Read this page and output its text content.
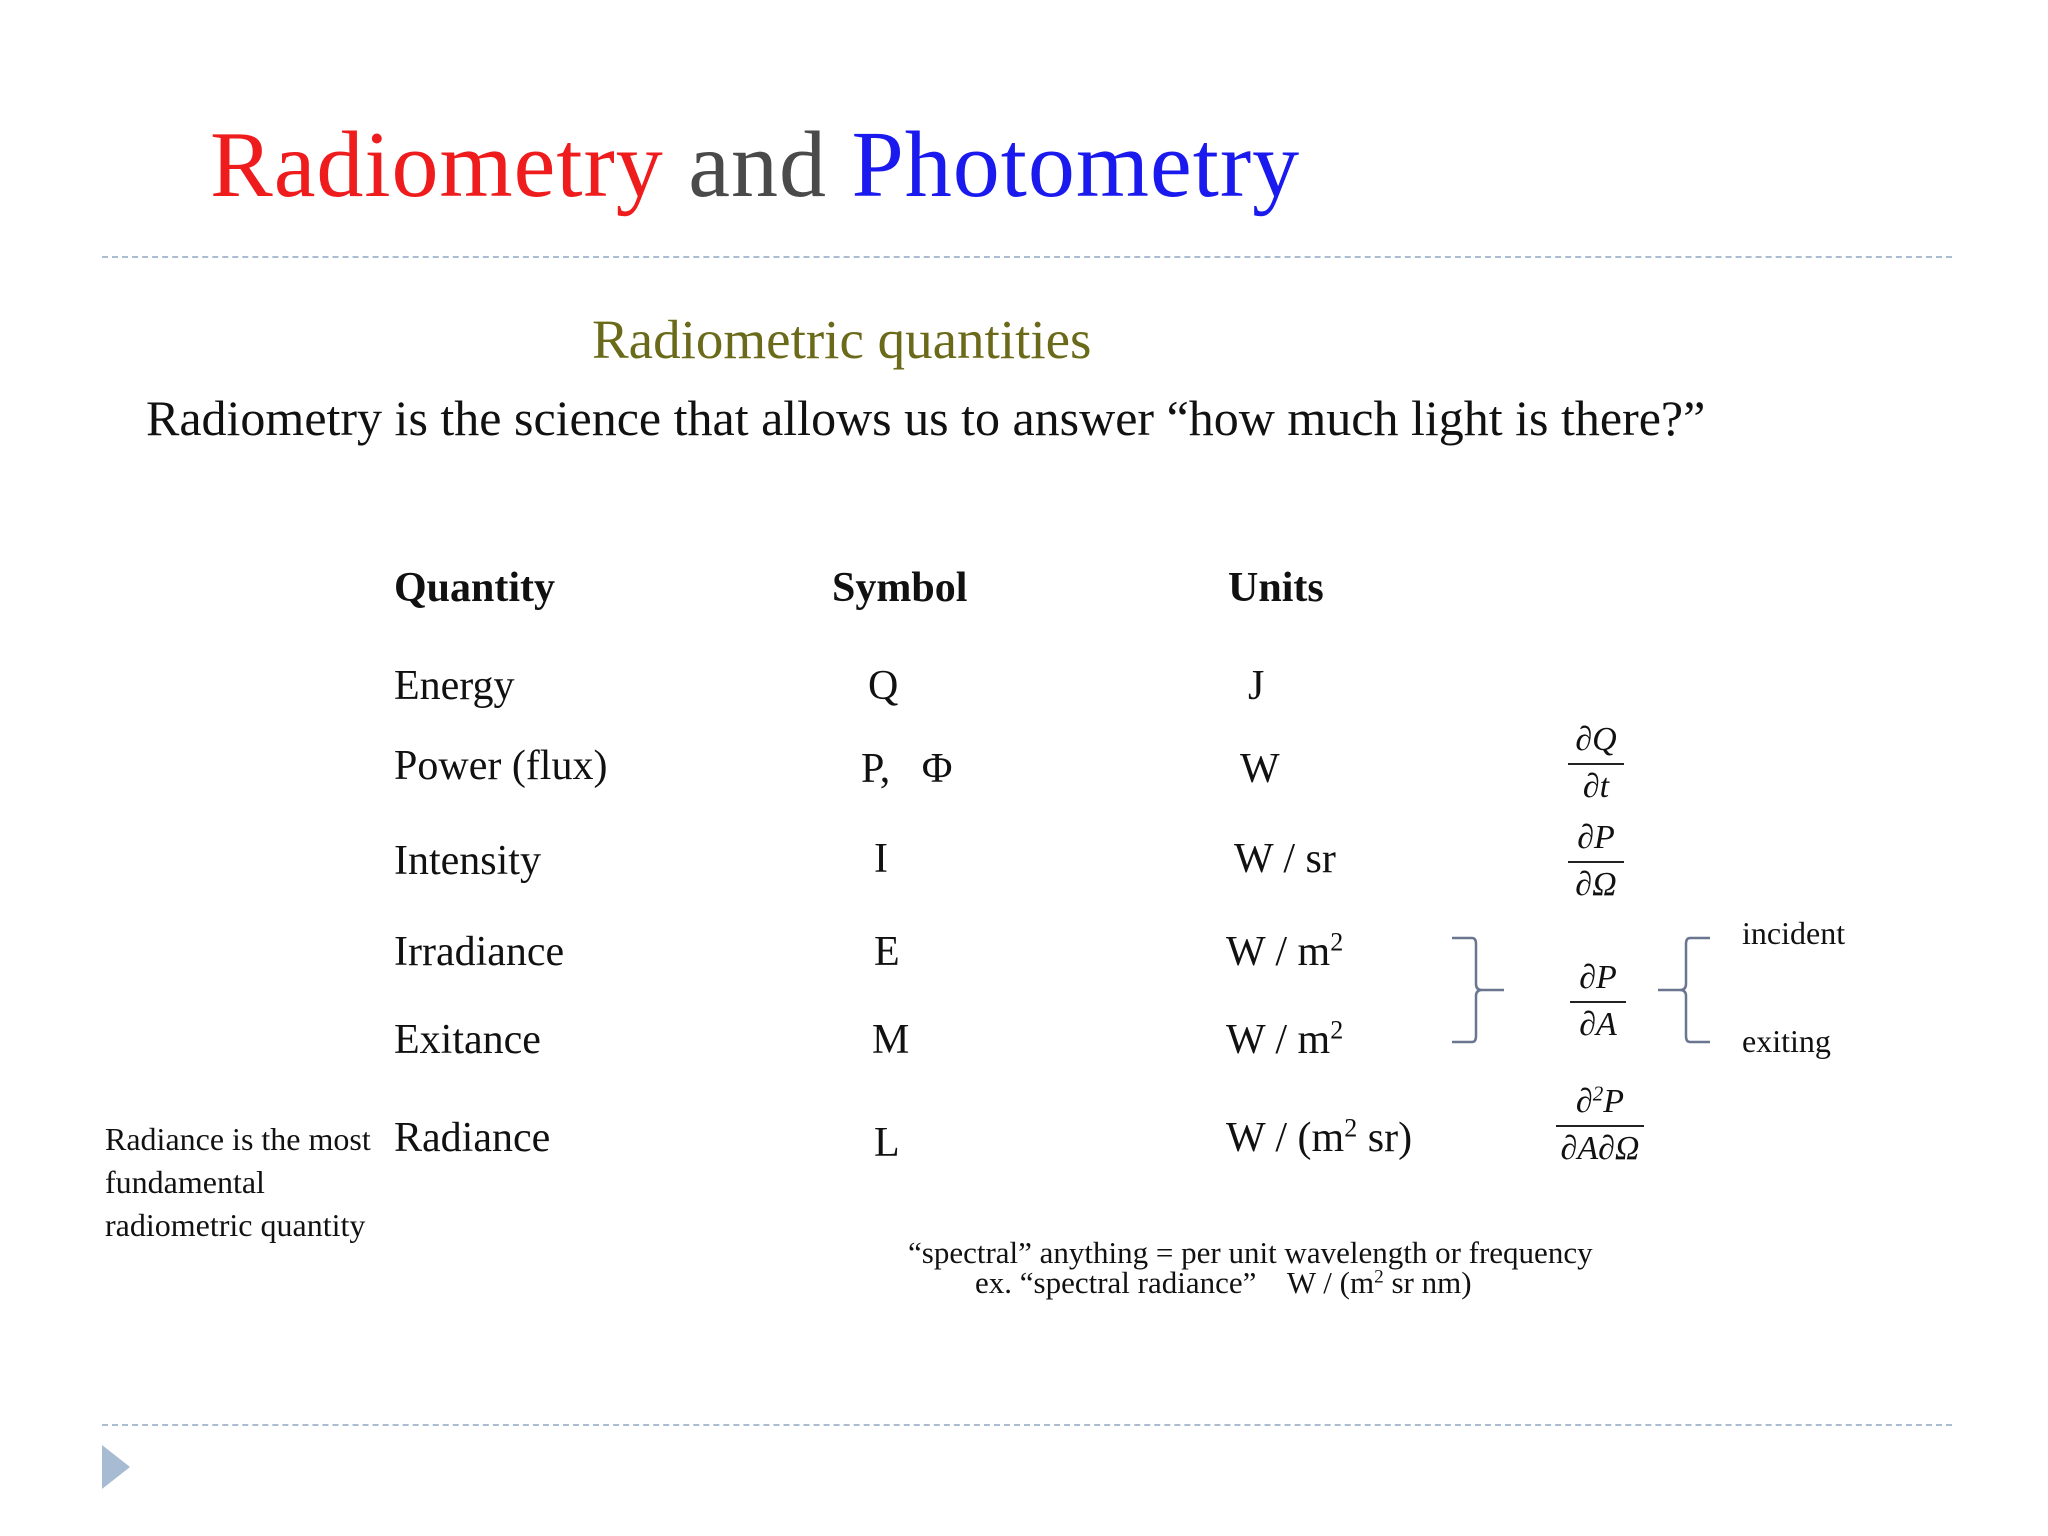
Radiometry and Photometry
Radiometric quantities
Radiometry is the science that allows us to answer “how much light is there?”
Quantity	Symbol	Units
Energy	Q	J
Power (flux)	P,   Φ	W
Intensity	I	W / sr
Irradiance	E	W / $m^2$
Exitance	M	W / $m^2$
Radiance	L	W / ($m^2$ sr)
∂Q
∂t
∂P
∂Ω
∂P
∂A
∂$^2$P
∂A∂Ω
incident
exiting
Radiance is the most fundamental radiometric quantity
“spectral” anything = per unit wavelength or frequency
ex. “spectral radiance”    W / ($m^2$ sr nm)
